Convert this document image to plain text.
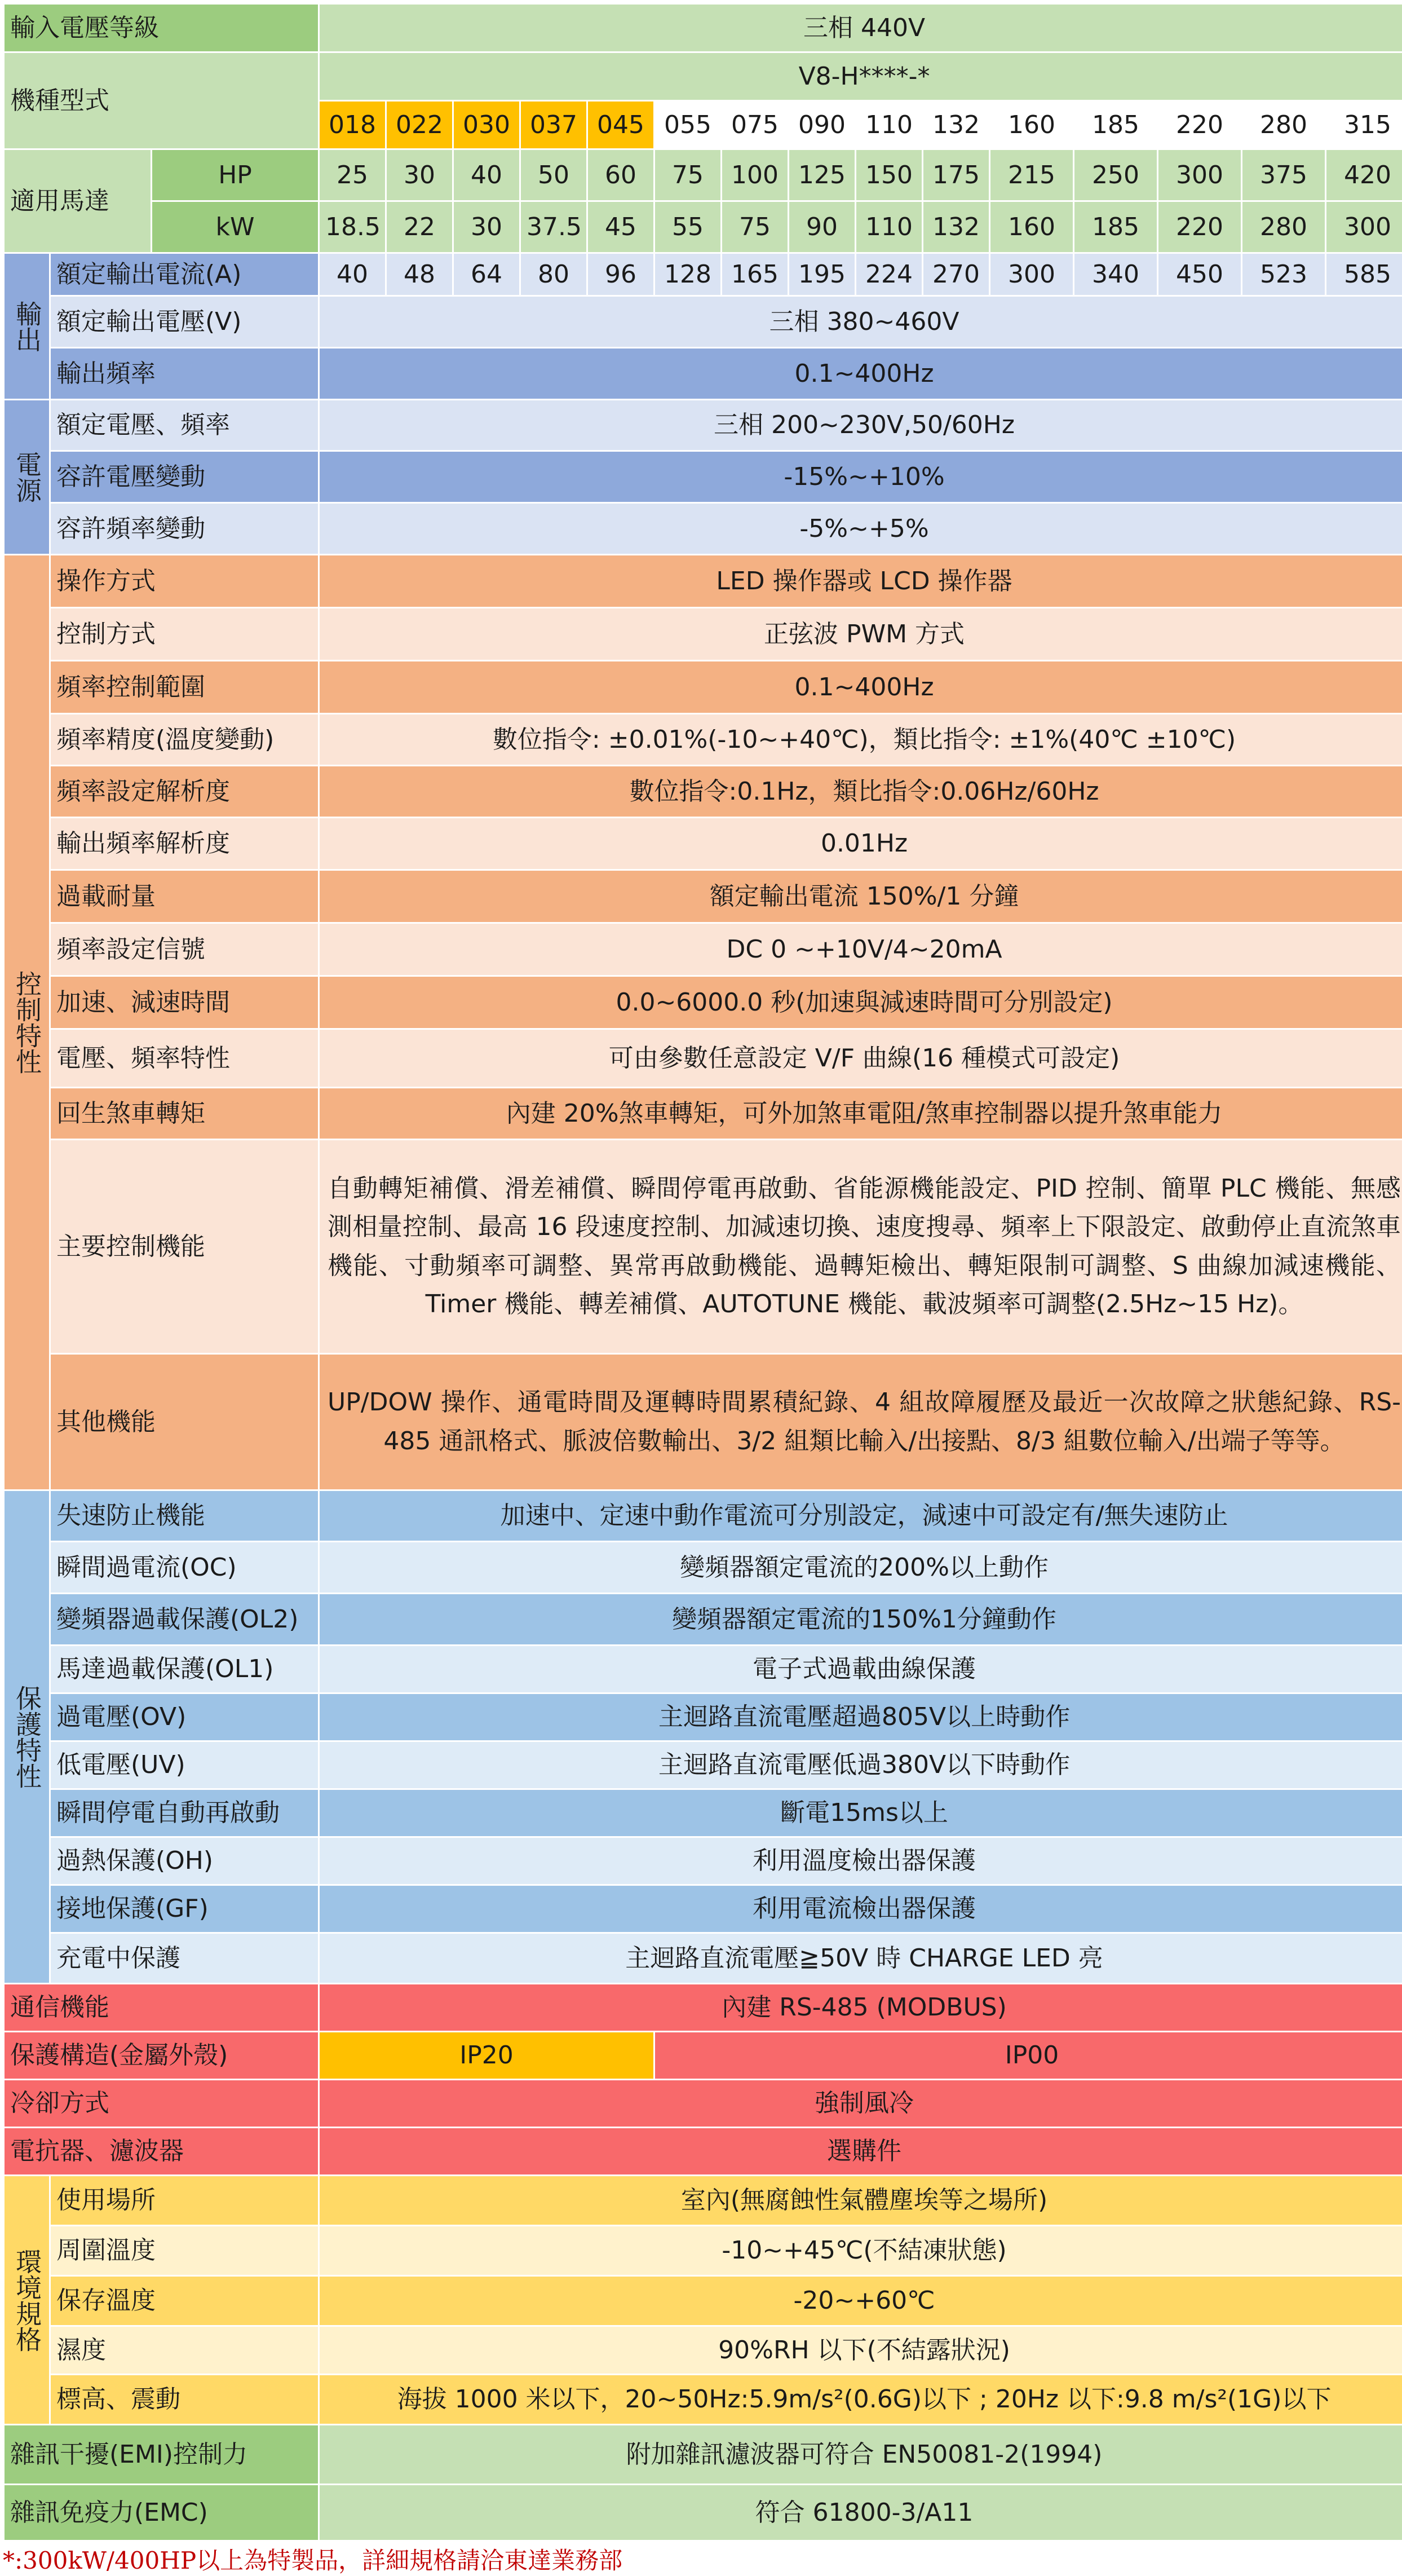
輸入電壓等級			三相 440V														
機種型式			V8-H****-*														
			018	022	030	037	045	055	075	090	110	132	160	185	220	280	315
適用馬達		HP	25	30	40	50	60	75	100	125	150	175	215	250	300	375	420
		kW	18.5	22	30	37.5	45	55	75	90	110	132	160	185	220	280	300
輸出	額定輸出電流(A)		40	48	64	80	96	128	165	195	224	270	300	340	450	523	585
	額定輸出電壓(V)		三相 380~460V														
	輸出頻率		0.1~400Hz														
電源	額定電壓、頻率		三相 200~230V,50/60Hz														
	容許電壓變動		-15%~+10%														
	容許頻率變動		-5%~+5%														
控制特性	操作方式		LED 操作器或 LCD 操作器														
	控制方式		正弦波 PWM 方式														
	頻率控制範圍		0.1~400Hz														
	頻率精度(溫度變動)		數位指令: ±0.01%(-10~+40℃)，類比指令: ±1%(40℃ ±10℃)														
	頻率設定解析度		數位指令:0.1Hz，類比指令:0.06Hz/60Hz														
	輸出頻率解析度		0.01Hz														
	過載耐量		額定輸出電流 150%/1 分鐘														
	頻率設定信號		DC 0 ~+10V/4~20mA														
	加速、減速時間		0.0~6000.0 秒(加速與減速時間可分別設定)														
	電壓、頻率特性		可由參數任意設定 V/F 曲線(16 種模式可設定)														
	回生煞車轉矩		內建 20%煞車轉矩，可外加煞車電阻/煞車控制器以提升煞車能力														
	主要控制機能		自動轉矩補償、滑差補償、瞬間停電再啟動、省能源機能設定、PID 控制、簡單 PLC 機能、無感測相量控制、最高 16 段速度控制、加減速切換、速度搜尋、頻率上下限設定、啟動停止直流煞車機能、寸動頻率可調整、異常再啟動機能、過轉矩檢出、轉矩限制可調整、S 曲線加減速機能、Timer 機能、轉差補償、AUTOTUNE 機能、載波頻率可調整(2.5Hz~15 Hz)。														
	其他機能		UP/DOW 操作、通電時間及運轉時間累積紀錄、4 組故障履歷及最近一次故障之狀態紀錄、RS-485 通訊格式、脈波倍數輸出、3/2 組類比輸入/出接點、8/3 組數位輸入/出端子等等。														
保護特性	失速防止機能		加速中、定速中動作電流可分別設定，減速中可設定有/無失速防止														
	瞬間過電流(OC)		變頻器額定電流的200%以上動作														
	變頻器過載保護(OL2)		變頻器額定電流的150%1分鐘動作														
	馬達過載保護(OL1)		電子式過載曲線保護														
	過電壓(OV)		主迴路直流電壓超過805V以上時動作														
	低電壓(UV)		主迴路直流電壓低過380V以下時動作														
	瞬間停電自動再啟動		斷電15ms以上														
	過熱保護(OH)		利用溫度檢出器保護														
	接地保護(GF)		利用電流檢出器保護														
	充電中保護		主迴路直流電壓≧50V 時 CHARGE LED 亮														
通信機能			內建 RS-485 (MODBUS)														
保護構造(金屬外殼)			IP20					IP00									
冷卻方式			強制風冷														
電抗器、濾波器			選購件														
環境規格	使用場所		室內(無腐蝕性氣體塵埃等之場所)														
	周圍溫度		-10~+45℃(不結凍狀態)														
	保存溫度		-20~+60℃														
	濕度		90%RH 以下(不結露狀況)														
	標高、震動		海拔 1000 米以下，20~50Hz:5.9m/s²(0.6G)以下 ; 20Hz 以下:9.8 m/s²(1G)以下														
雜訊干擾(EMI)控制力			附加雜訊濾波器可符合 EN50081-2(1994)														
雜訊免疫力(EMC)			符合 61800-3/A11														
*:300kW/400HP以上為特製品，詳細規格請洽東達業務部
